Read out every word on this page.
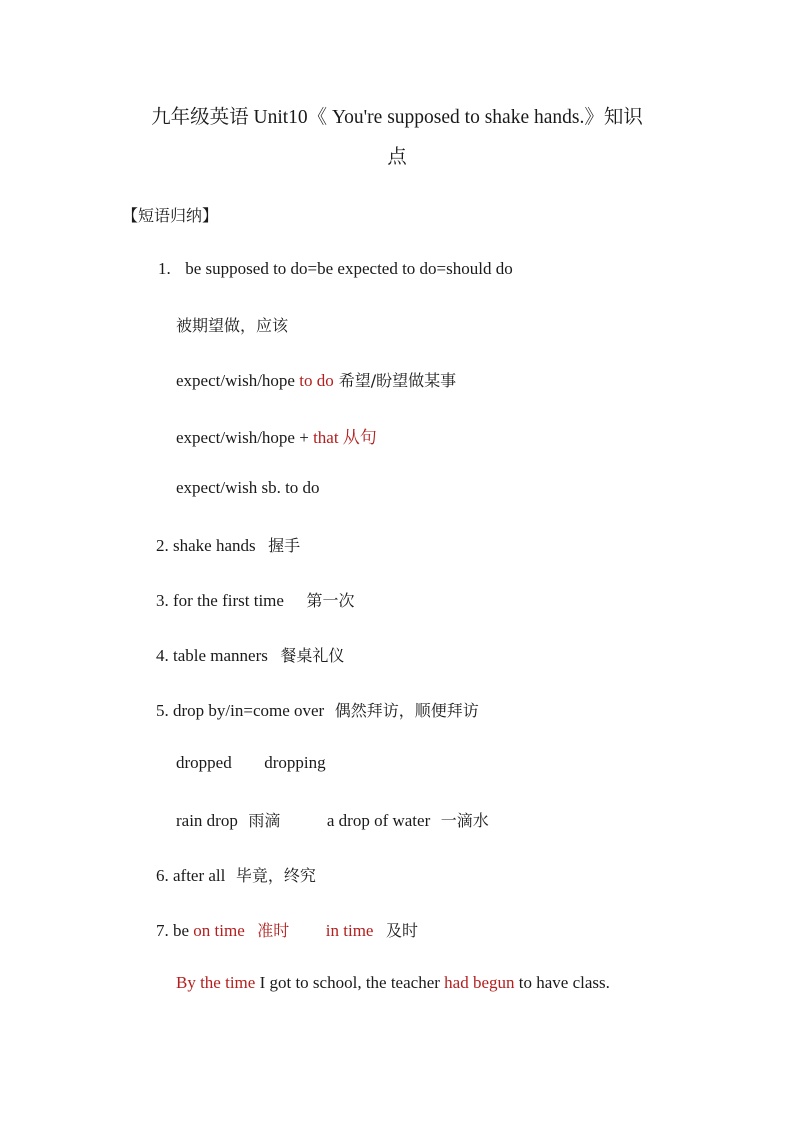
九年级英语 Unit10《 You're supposed to shake hands.》知识
点
【短语归纳】
1. be supposed to do=be expected to do=should do
被期望做，应该
expect/wish/hope to do 希望/盼望做某事
expect/wish/hope + that 从句
expect/wish sb. to do
2. shake hands 握手
3. for the first time 第一次
4. table manners 餐桌礼仪
5. drop by/in=come over 偶然拜访，顺便拜访
dropped dropping
rain drop 雨滴	a drop of water 一滴水
6. after all 毕竟，终究
7. be on time 准时 in time 及时
By the time I got to school, the teacher had begun to have class.
